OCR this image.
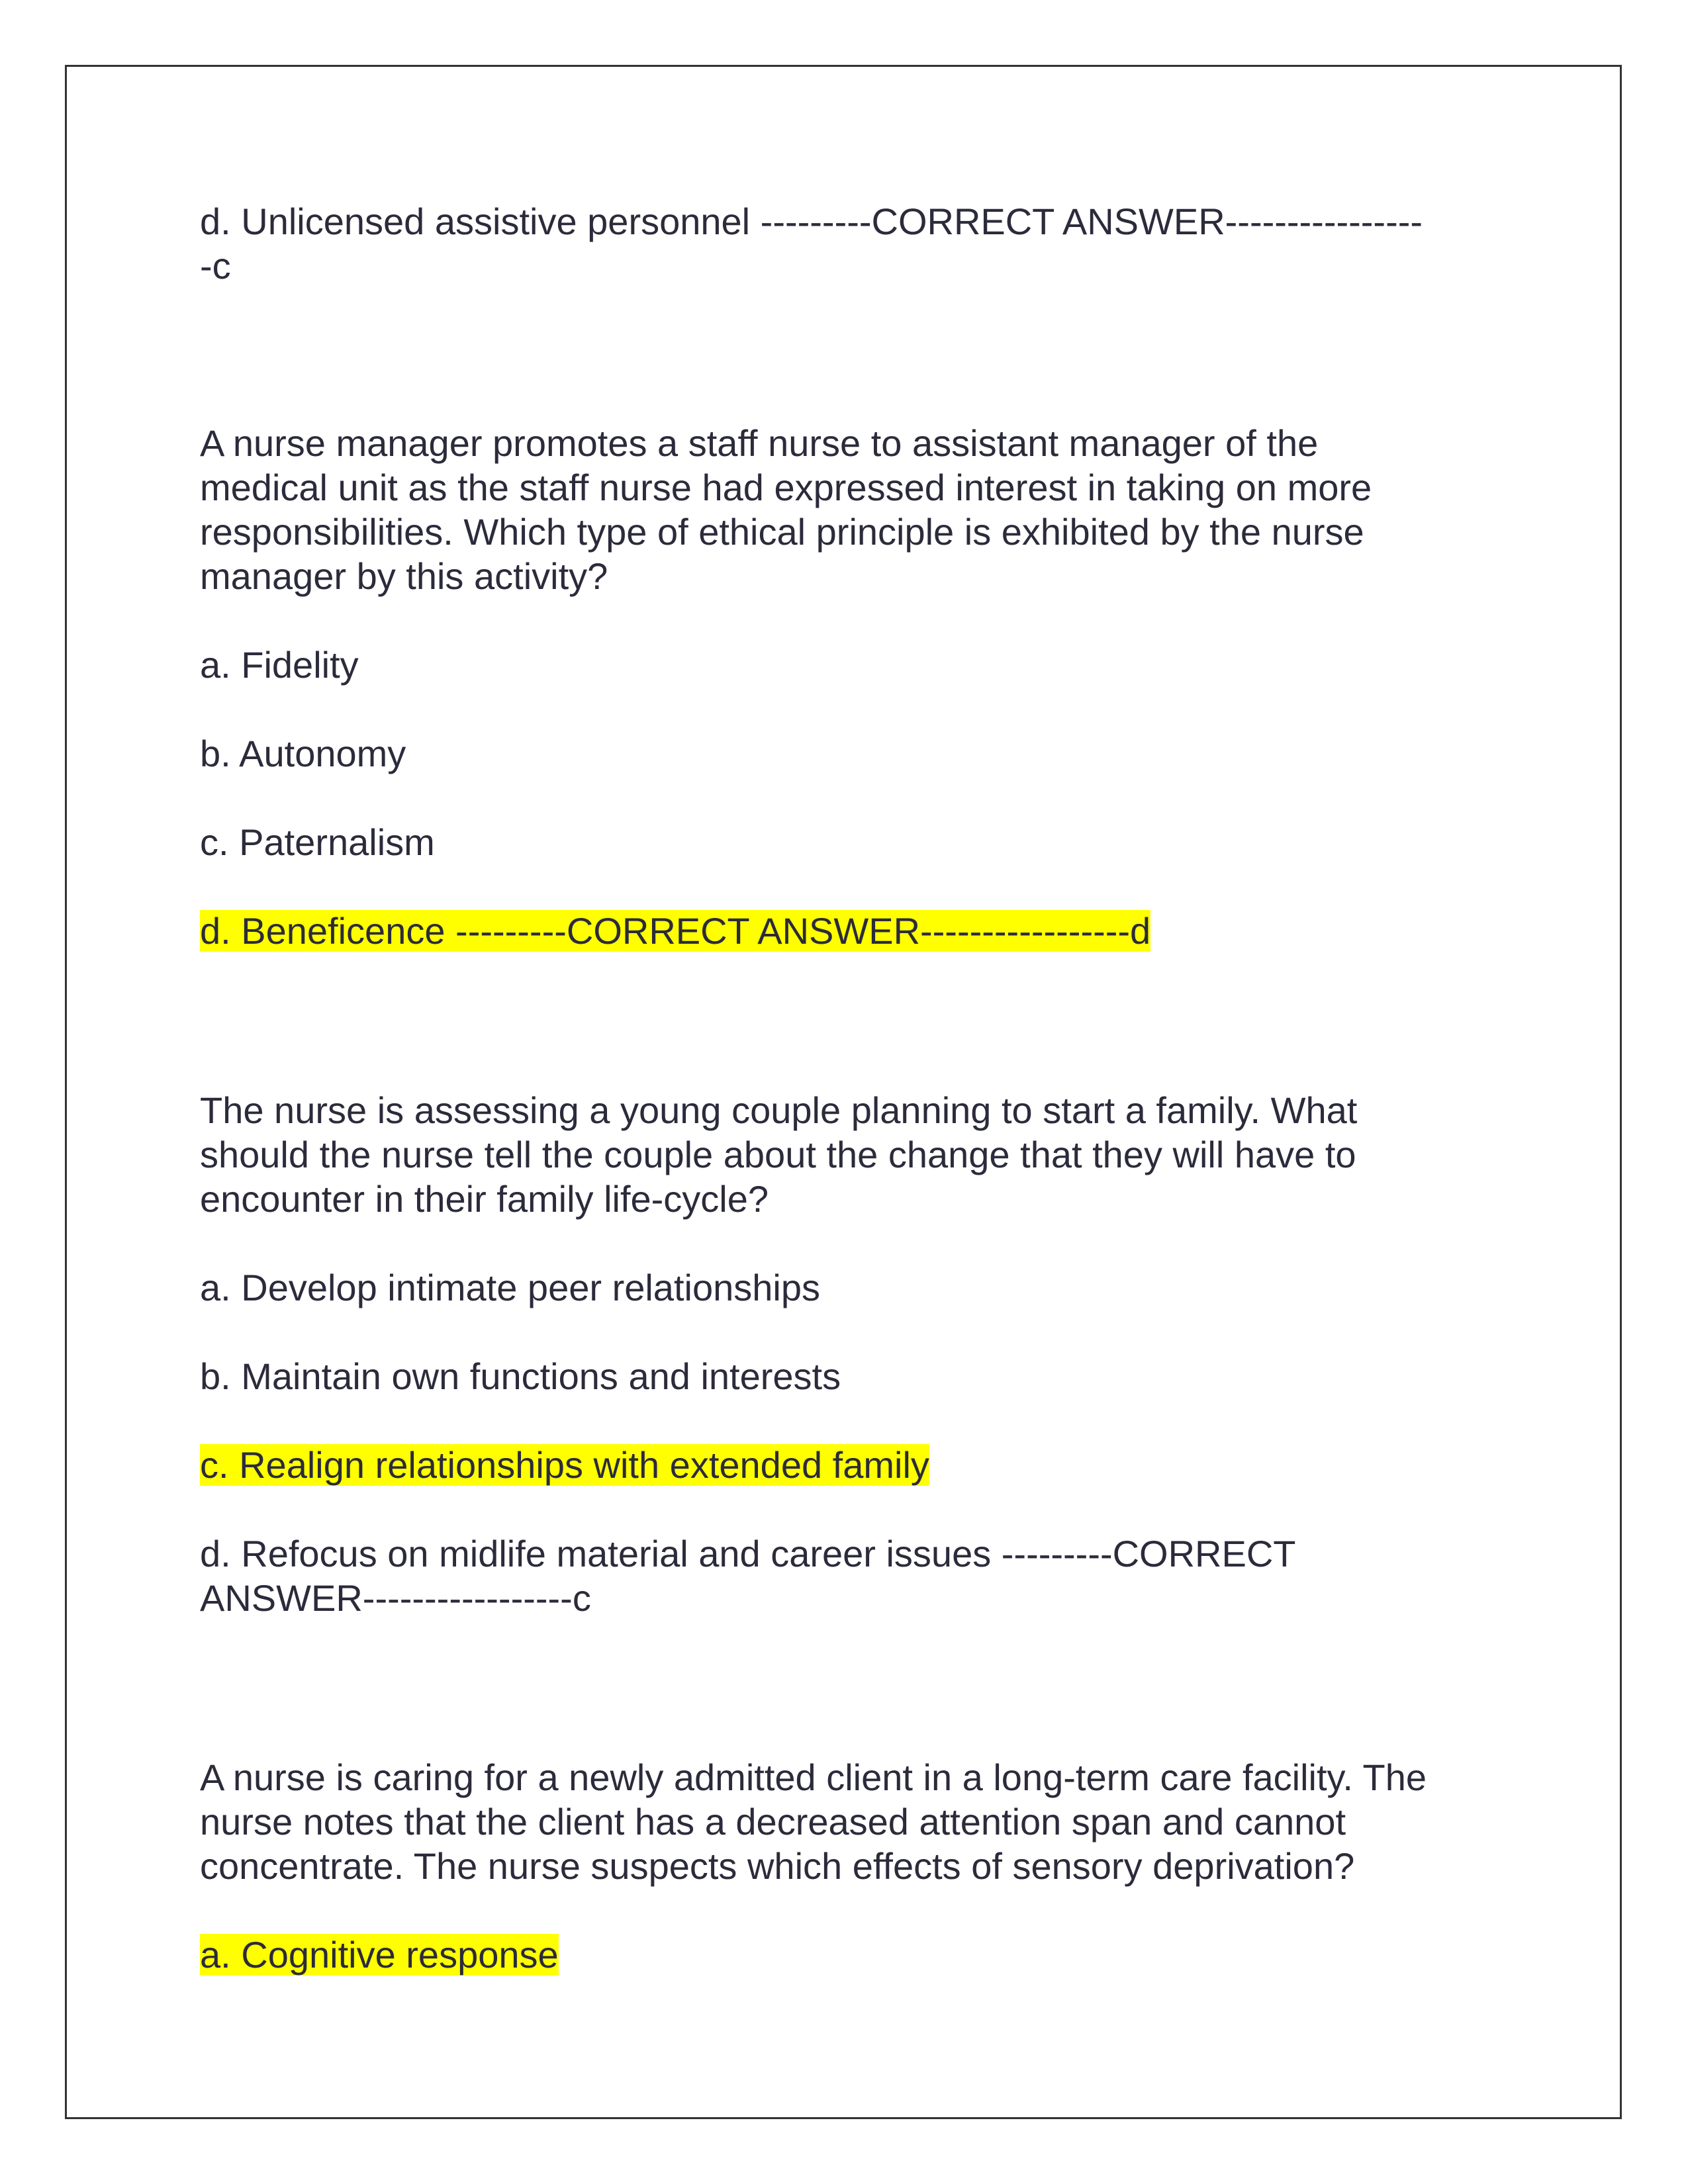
d. Unlicensed assistive personnel ---------CORRECT ANSWER----------------
-c
A nurse manager promotes a staff nurse to assistant manager of the
medical unit as the staff nurse had expressed interest in taking on more
responsibilities. Which type of ethical principle is exhibited by the nurse
manager by this activity?
a. Fidelity
b. Autonomy
c. Paternalism
d. Beneficence ---------CORRECT ANSWER-----------------d
The nurse is assessing a young couple planning to start a family. What
should the nurse tell the couple about the change that they will have to
encounter in their family life-cycle?
a. Develop intimate peer relationships
b. Maintain own functions and interests
c. Realign relationships with extended family
d. Refocus on midlife material and career issues ---------CORRECT
ANSWER-----------------c
A nurse is caring for a newly admitted client in a long-term care facility. The
nurse notes that the client has a decreased attention span and cannot
concentrate. The nurse suspects which effects of sensory deprivation?
a. Cognitive response
